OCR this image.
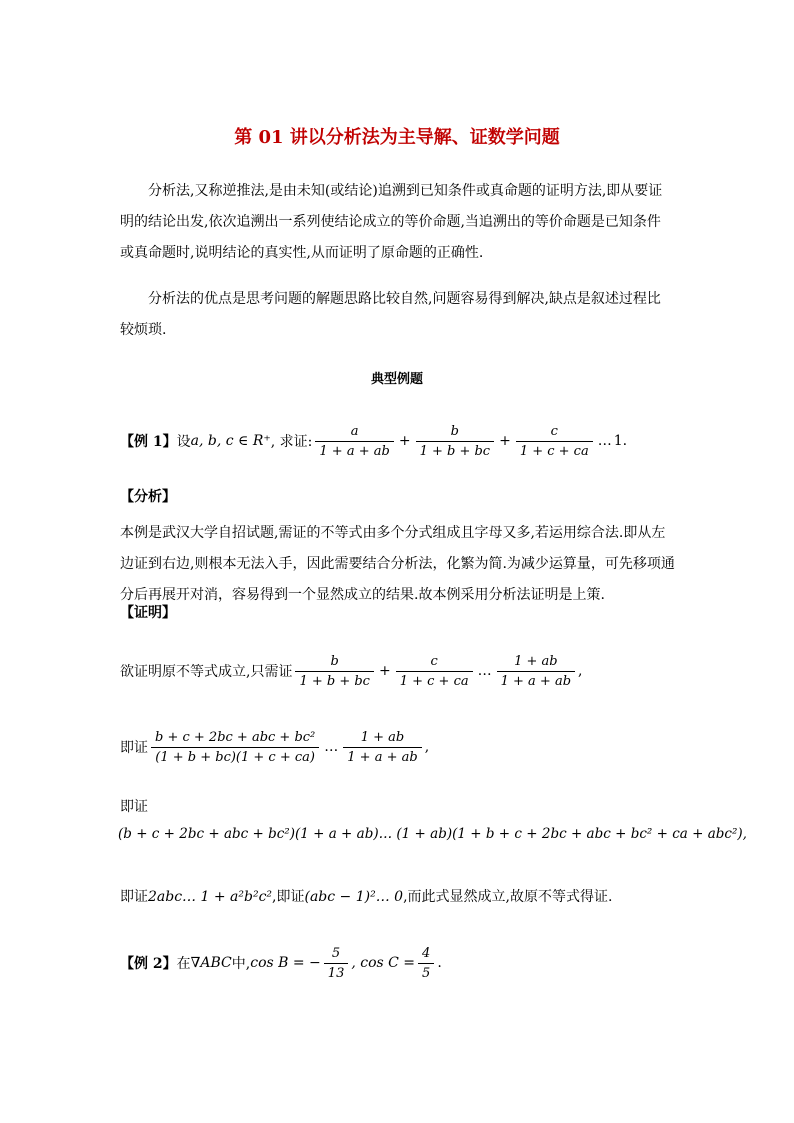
第 01 讲以分析法为主导解、证数学问题
分析法,又称逆推法,是由未知(或结论)追溯到已知条件或真命题的证明方法,即从要证
明的结论出发,依次追溯出一系列使结论成立的等价命题,当追溯出的等价命题是已知条件
或真命题时,说明结论的真实性,从而证明了原命题的正确性.
分析法的优点是思考问题的解题思路比较自然,问题容易得到解决,缺点是叙述过程比
较烦琐.
典型例题
【例 1】 设 a, b, c ∈ R⁺ , 求证: $\frac{a}{1 + a + ab} + \frac{b}{1 + b + bc} + \frac{c}{1 + c + ca}$ … 1.
【分析】
本例是武汉大学自招试题,需证的不等式由多个分式组成且字母又多,若运用综合法.即从左
边证到右边,则根本无法入手，因此需要结合分析法，化繁为简.为减少运算量，可先移项通
分后再展开对消，容易得到一个显然成立的结果.故本例采用分析法证明是上策.
【证明】
欲证明原不等式成立,只需证 $\frac{b}{1 + b + bc} + \frac{c}{1 + c + ca}$ … $\frac{1 + ab}{1 + a + ab}$ ,
即证 $\frac{\text{b + c + 2bc + abc + bc²}}{(1 + b + bc)(1 + c + ca)}$ … $\frac{1 + ab}{1 + a + ab}$ ,
即证
(b + c + 2bc + abc + bc²)(1 + a + ab)… (1 + ab)(1 + b + c + 2bc + abc + bc² + ca + abc²),
即证2abc… 1 + a²b²c²,即证(abc − 1)²… 0,而此式显然成立,故原不等式得证.
【例 2】 在 ∇ABC 中, cos B = − $\frac{5}{13}$ , $\cos C = \frac{4}{5}$ .
